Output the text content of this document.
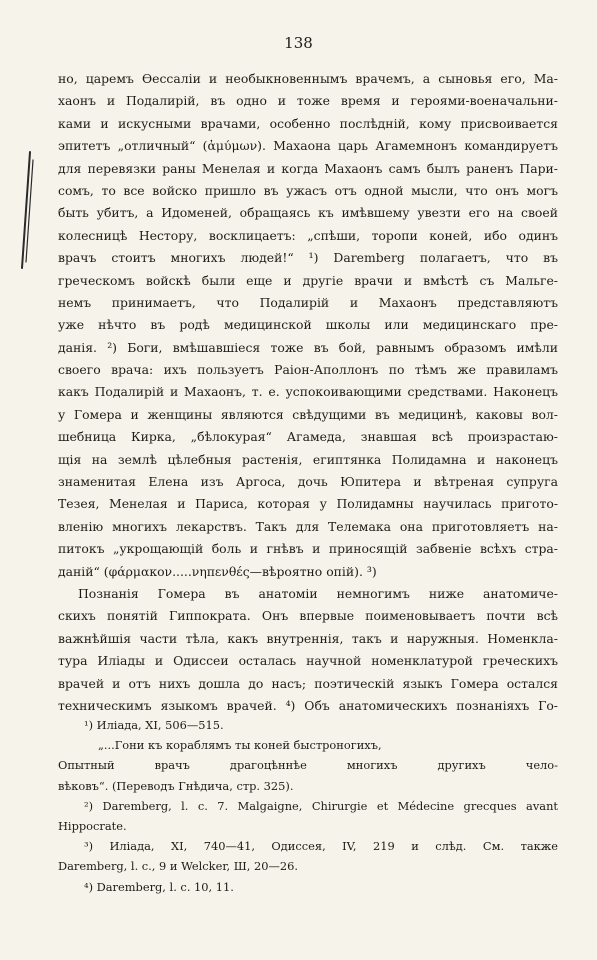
138
но, царемъ Ѳессаліи и необыкновеннымъ врачемъ, а сыновья его, Ма-
хаонъ и Подалирій, въ одно и тоже время и героями-военачальни-
ками и искусными врачами, особенно послѣдній, кому присвоивается
эпитетъ „отличный“ (ἀμύμων). Махаона царь Агамемнонъ командируетъ
для перевязки раны Менелая и когда Махаонъ самъ былъ раненъ Пари-
сомъ, то все войско пришло въ ужасъ отъ одной мысли, что онъ могъ
быть убитъ, а Идоменей, обращаясь къ имѣвшему увезти его на своей
колесницѣ Нестору, восклицаетъ: „спѣши, торопи коней, ибо одинъ
врачъ стоитъ многихъ людей!“ ¹) Daremberg полагаетъ, что въ
греческомъ войскѣ были еще и другіе врачи и вмѣстѣ съ Мальге-
немъ принимаетъ, что Подалирій и Махаонъ представляютъ
уже нѣчто въ родѣ медицинской школы или медицинскаго пре-
данія. ²) Боги, вмѣшавшіеся тоже въ бой, равнымъ образомъ имѣли
своего врача: ихъ пользуетъ Раіон-Аполлонъ по тѣмъ же правиламъ
какъ Подалирій и Махаонъ, т. е. успокоивающими средствами. Наконецъ
у Гомера и женщины являются свѣдущими въ медицинѣ, каковы вол-
шебница Кирка, „бѣлокурая“ Агамеда, знавшая всѣ произрастаю-
щія на землѣ цѣлебныя растенія, египтянка Полидамна и наконецъ
знаменитая Елена изъ Аргоса, дочь Юпитера и вѣтреная супруга
Тезея, Менелая и Париса, которая у Полидамны научилась пригото-
вленію многихъ лекарствъ. Такъ для Телемака она приготовляетъ на-
питокъ „укрощающій боль и гнѣвъ и приносящій забвеніе всѣхъ стра-
даній“ (φάρμακον.....νηπενθές—вѣроятно опій). ³)
Познанія Гомера въ анатоміи немногимъ ниже анатомиче-
скихъ понятій Гиппократа. Онъ впервые поименовываетъ почти всѣ
важнѣйшія части тѣла, какъ внутреннія, такъ и наружныя. Номенкла-
тура Иліады и Одиссеи осталась научной номенклатурой греческихъ
врачей и отъ нихъ дошла до насъ; поэтическій языкъ Гомера остался
техническимъ языкомъ врачей. ⁴) Объ анатомическихъ познаніяхъ Го-
¹) Иліада, XI, 506—515.
„...Гони къ кораблямъ ты коней быстроногихъ,
Опытный врачъ драгоцѣннѣе многихъ другихъ чело-
вѣковъ“. (Переводъ Гнѣдича, стр. 325).
²) Daremberg, l. c. 7. Malgaigne, Chirurgie et Médecine grecques avant
Hippocrate.
³) Иліада, XI, 740—41, Одиссея, IV, 219 и слѣд. См. также
Daremberg, l. c., 9 и Welcker, Ш, 20—26.
⁴) Daremberg, l. c. 10, 11.
